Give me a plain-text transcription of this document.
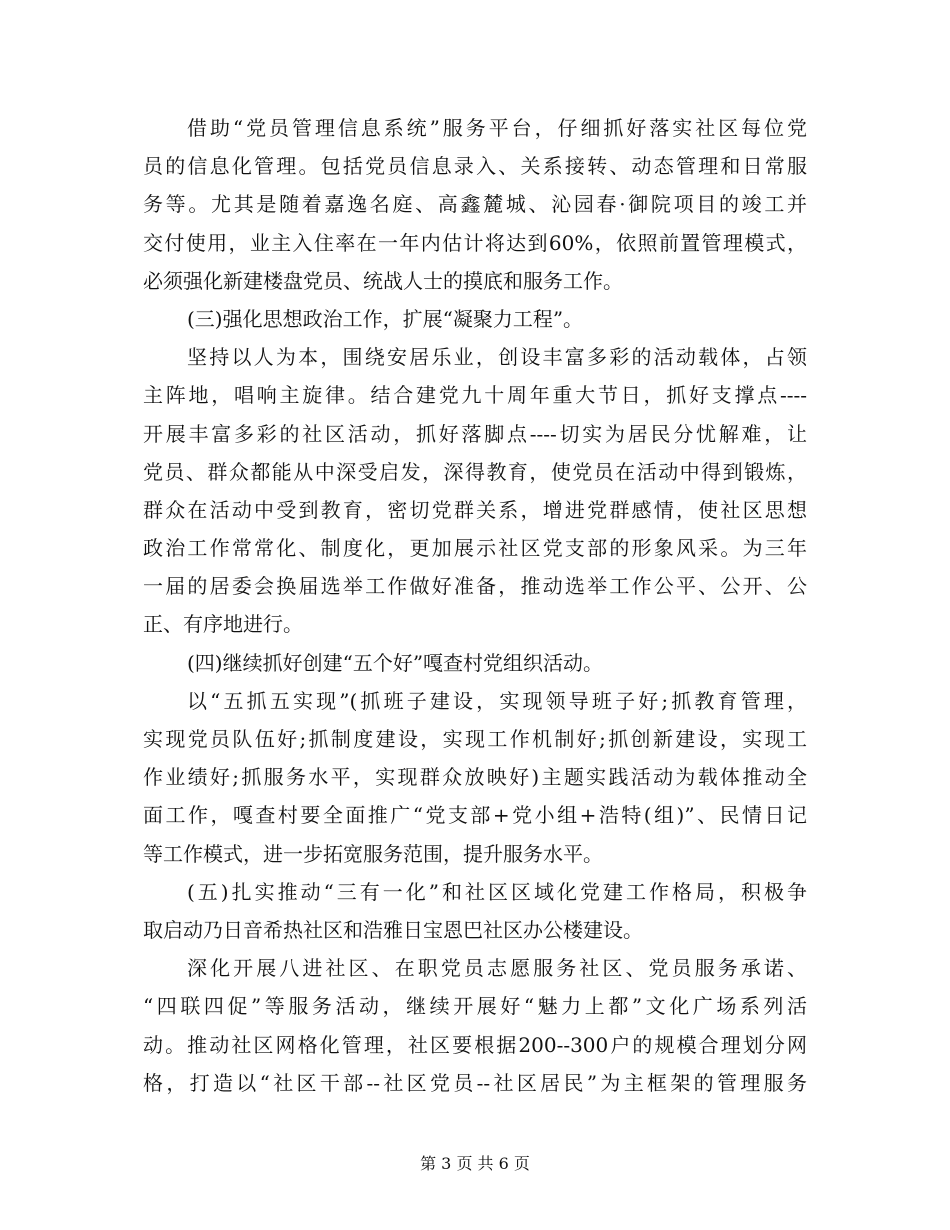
借助“党员管理信息系统”服务平台，仔细抓好落实社区每位党
员的信息化管理。包括党员信息录入、关系接转、动态管理和日常服
务等。尤其是随着嘉逸名庭、高鑫麓城、沁园春·御院项目的竣工并
交付使用，业主入住率在一年内估计将达到60%，依照前置管理模式，
必须强化新建楼盘党员、统战人士的摸底和服务工作。
(三)强化思想政治工作，扩展“凝聚力工程”。
坚持以人为本，围绕安居乐业，创设丰富多彩的活动载体，占领
主阵地，唱响主旋律。结合建党九十周年重大节日，抓好支撑点----
开展丰富多彩的社区活动，抓好落脚点----切实为居民分忧解难，让
党员、群众都能从中深受启发，深得教育，使党员在活动中得到锻炼，
群众在活动中受到教育，密切党群关系，增进党群感情，使社区思想
政治工作常常化、制度化，更加展示社区党支部的形象风采。为三年
一届的居委会换届选举工作做好准备，推动选举工作公平、公开、公
正、有序地进行。
(四)继续抓好创建“五个好”嘎查村党组织活动。
以“五抓五实现”(抓班子建设，实现领导班子好;抓教育管理，
实现党员队伍好;抓制度建设，实现工作机制好;抓创新建设，实现工
作业绩好;抓服务水平，实现群众放映好)主题实践活动为载体推动全
面工作，嘎查村要全面推广“党支部+党小组+浩特(组)”、民情日记
等工作模式，进一步拓宽服务范围，提升服务水平。
(五)扎实推动“三有一化”和社区区域化党建工作格局，积极争
取启动乃日音希热社区和浩雅日宝恩巴社区办公楼建设。
深化开展八进社区、在职党员志愿服务社区、党员服务承诺、
“四联四促”等服务活动，继续开展好“魅力上都”文化广场系列活
动。推动社区网格化管理，社区要根据200--300户的规模合理划分网
格，打造以“社区干部--社区党员--社区居民”为主框架的管理服务
第 3 页 共 6 页
